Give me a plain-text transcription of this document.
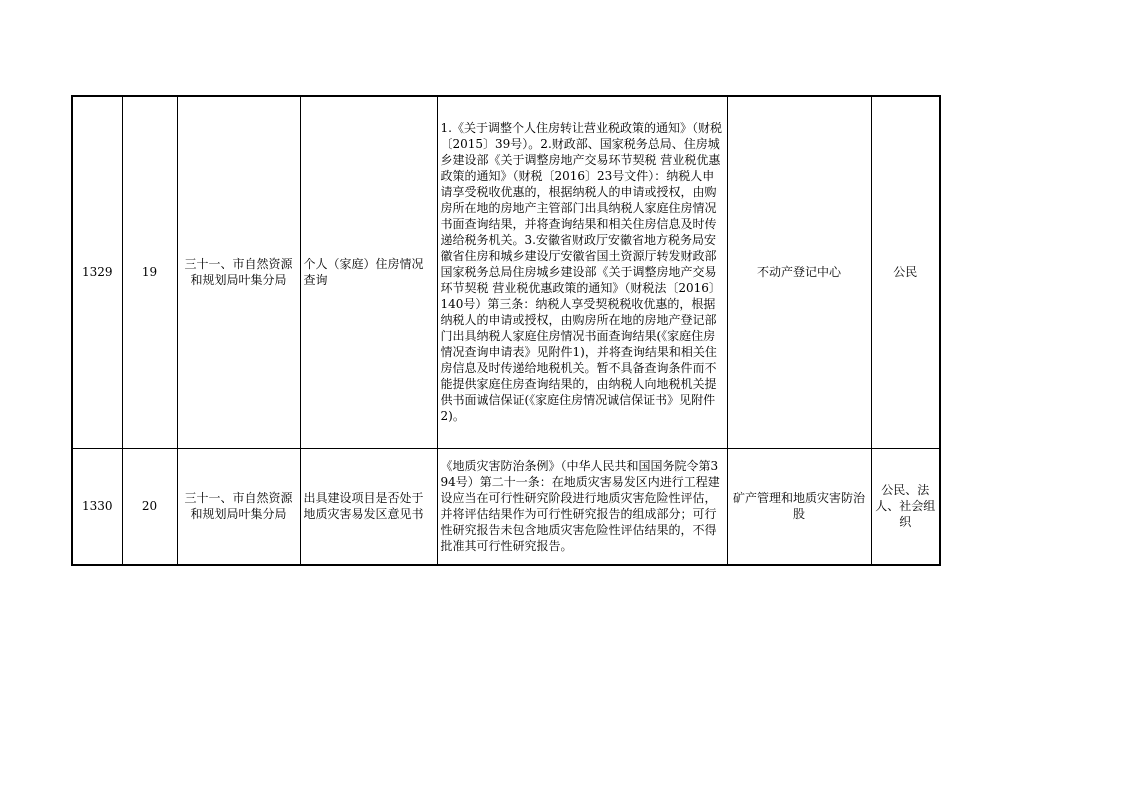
1329	19	三十一、市自然资源和规划局叶集分局	个人（家庭）住房情况查询	1.《关于调整个人住房转让营业税政策的通知》（财税〔2015〕39号）。2.财政部、国家税务总局、住房城乡建设部《关于调整房地产交易环节契税 营业税优惠政策的通知》（财税〔2016〕23号文件）：纳税人申请享受税收优惠的，根据纳税人的申请或授权，由购房所在地的房地产主管部门出具纳税人家庭住房情况书面查询结果，并将查询结果和相关住房信息及时传递给税务机关。3.安徽省财政厅安徽省地方税务局安徽省住房和城乡建设厅安徽省国土资源厅转发财政部国家税务总局住房城乡建设部《关于调整房地产交易环节契税 营业税优惠政策的通知》（财税法〔2016〕140号）第三条：纳税人享受契税税收优惠的，根据纳税人的申请或授权，由购房所在地的房地产登记部门出具纳税人家庭住房情况书面查询结果(《家庭住房情况查询申请表》见附件1)，并将查询结果和相关住房信息及时传递给地税机关。暂不具备查询条件而不能提供家庭住房查询结果的，由纳税人向地税机关提供书面诚信保证(《家庭住房情况诚信保证书》见附件2)。	不动产登记中心	公民
1330	20	三十一、市自然资源和规划局叶集分局	出具建设项目是否处于地质灾害易发区意见书	《地质灾害防治条例》（中华人民共和国国务院令第394号）第二十一条：在地质灾害易发区内进行工程建设应当在可行性研究阶段进行地质灾害危险性评估，并将评估结果作为可行性研究报告的组成部分；可行性研究报告未包含地质灾害危险性评估结果的，不得批准其可行性研究报告。	矿产管理和地质灾害防治股	公民、法人、社会组织
